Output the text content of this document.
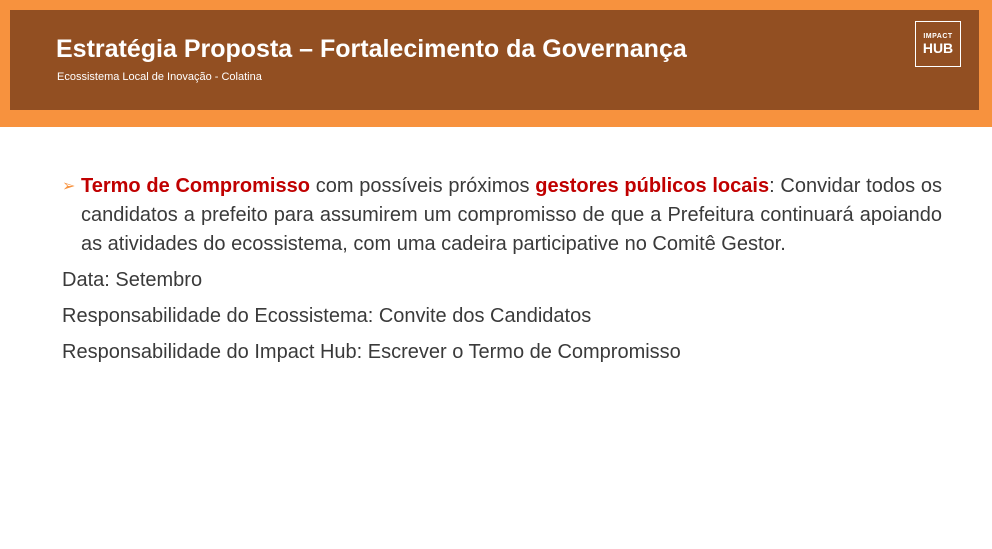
Estratégia Proposta – Fortalecimento da Governança
Ecossistema Local de Inovação - Colatina
IMPACT
HUB
➢ Termo de Compromisso com possíveis próximos gestores públicos locais: Convidar todos os candidatos a prefeito para assumirem um compromisso de que a Prefeitura continuará apoiando as atividades do ecossistema, com uma cadeira participative no Comitê Gestor.
Data: Setembro
Responsabilidade do Ecossistema: Convite dos Candidatos
Responsabilidade do Impact Hub: Escrever o Termo de Compromisso
